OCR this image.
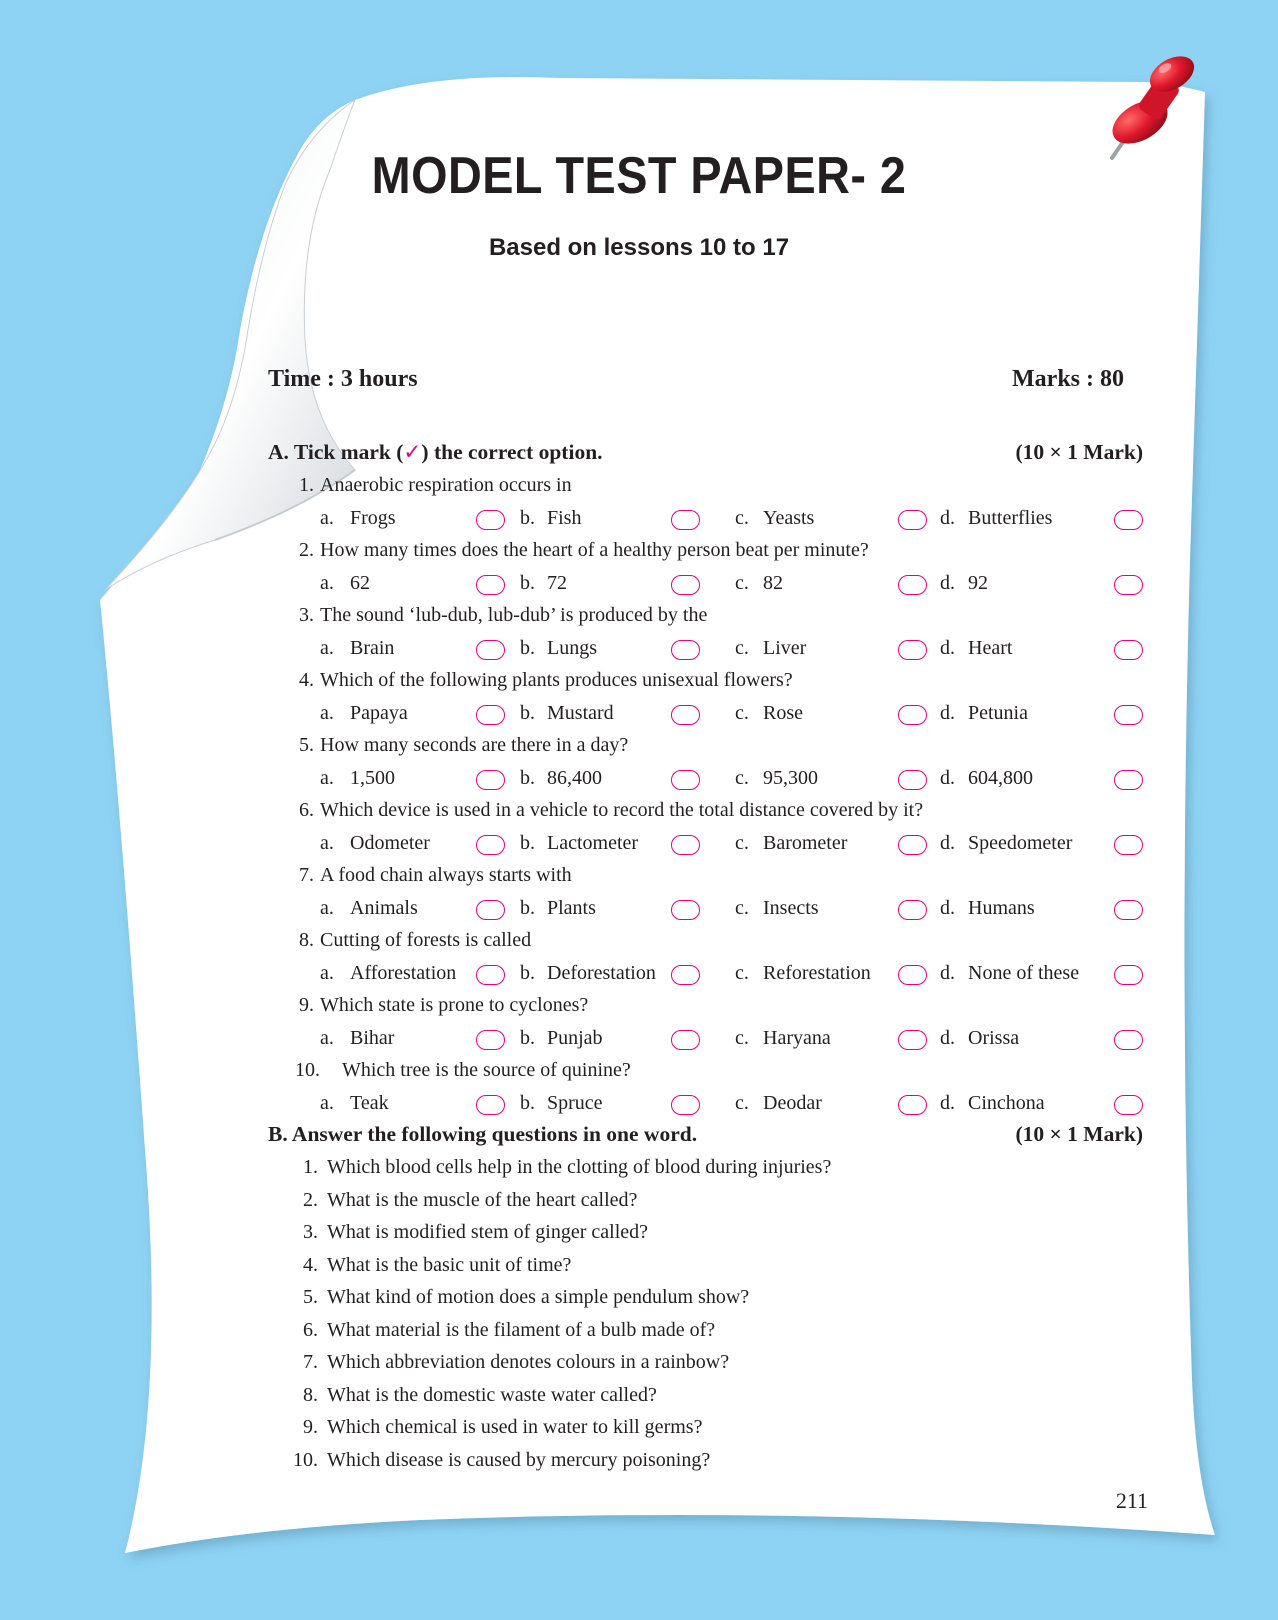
MODEL TEST PAPER- 2
Based on lessons 10 to 17
Time : 3 hours	Marks : 80
A. Tick mark (✓) the correct option.	(10 × 1 Mark)
1. Anaerobic respiration occurs in
a. Frogs	b. Fish	c. Yeasts	d. Butterflies
2. How many times does the heart of a healthy person beat per minute?
a. 62	b. 72	c. 82	d. 92
3. The sound ‘lub-dub, lub-dub’ is produced by the
a. Brain	b. Lungs	c. Liver	d. Heart
4. Which of the following plants produces unisexual flowers?
a. Papaya	b. Mustard	c. Rose	d. Petunia
5. How many seconds are there in a day?
a. 1,500	b. 86,400	c. 95,300	d. 604,800
6. Which device is used in a vehicle to record the total distance covered by it?
a. Odometer	b. Lactometer	c. Barometer	d. Speedometer
7. A food chain always starts with
a. Animals	b. Plants	c. Insects	d. Humans
8. Cutting of forests is called
a. Afforestation	b. Deforestation	c. Reforestation	d. None of these
9. Which state is prone to cyclones?
a. Bihar	b. Punjab	c. Haryana	d. Orissa
10. Which tree is the source of quinine?
a. Teak	b. Spruce	c. Deodar	d. Cinchona
B. Answer the following questions in one word.	(10 × 1 Mark)
1. Which blood cells help in the clotting of blood during injuries?
2. What is the muscle of the heart called?
3. What is modified stem of ginger called?
4. What is the basic unit of time?
5. What kind of motion does a simple pendulum show?
6. What material is the filament of a bulb made of?
7. Which abbreviation denotes colours in a rainbow?
8. What is the domestic waste water called?
9. Which chemical is used in water to kill germs?
10. Which disease is caused by mercury poisoning?
211
